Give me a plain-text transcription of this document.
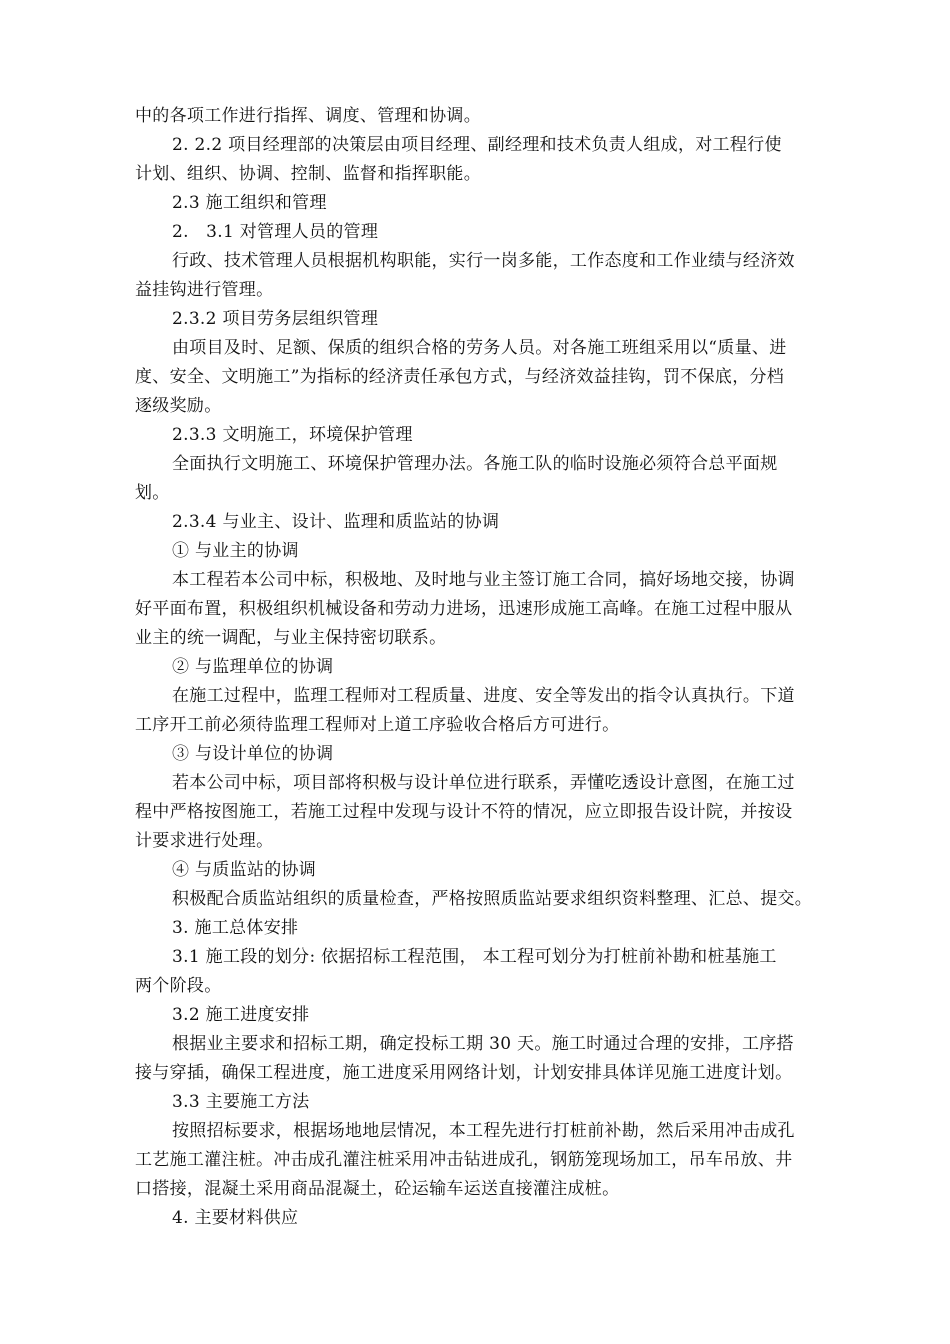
中的各项工作进行指挥、调度、管理和协调。
2. 2.2 项目经理部的决策层由项目经理、副经理和技术负责人组成，对工程行使
计划、组织、协调、控制、监督和指挥职能。
2.3 施工组织和管理
2.　3.1 对管理人员的管理
行政、技术管理人员根据机构职能，实行一岗多能，工作态度和工作业绩与经济效
益挂钩进行管理。
2.3.2 项目劳务层组织管理
由项目及时、足额、保质的组织合格的劳务人员。对各施工班组采用以“质量、进
度、安全、文明施工”为指标的经济责任承包方式，与经济效益挂钩，罚不保底，分档
逐级奖励。
2.3.3 文明施工，环境保护管理
全面执行文明施工、环境保护管理办法。各施工队的临时设施必须符合总平面规
划。
2.3.4 与业主、设计、监理和质监站的协调
① 与业主的协调
本工程若本公司中标，积极地、及时地与业主签订施工合同，搞好场地交接，协调
好平面布置，积极组织机械设备和劳动力进场，迅速形成施工高峰。在施工过程中服从
业主的统一调配，与业主保持密切联系。
② 与监理单位的协调
在施工过程中，监理工程师对工程质量、进度、安全等发出的指令认真执行。下道
工序开工前必须待监理工程师对上道工序验收合格后方可进行。
③ 与设计单位的协调
若本公司中标，项目部将积极与设计单位进行联系，弄懂吃透设计意图，在施工过
程中严格按图施工，若施工过程中发现与设计不符的情况，应立即报告设计院，并按设
计要求进行处理。
④ 与质监站的协调
积极配合质监站组织的质量检查，严格按照质监站要求组织资料整理、汇总、提交。
3. 施工总体安排
3.1 施工段的划分: 依据招标工程范围， 本工程可划分为打桩前补勘和桩基施工
两个阶段。
3.2 施工进度安排
根据业主要求和招标工期，确定投标工期 30 天。施工时通过合理的安排，工序搭
接与穿插，确保工程进度，施工进度采用网络计划，计划安排具体详见施工进度计划。
3.3 主要施工方法
按照招标要求，根据场地地层情况，本工程先进行打桩前补勘，然后采用冲击成孔
工艺施工灌注桩。冲击成孔灌注桩采用冲击钻进成孔，钢筋笼现场加工，吊车吊放、井
口搭接，混凝土采用商品混凝土，砼运输车运送直接灌注成桩。
4. 主要材料供应
